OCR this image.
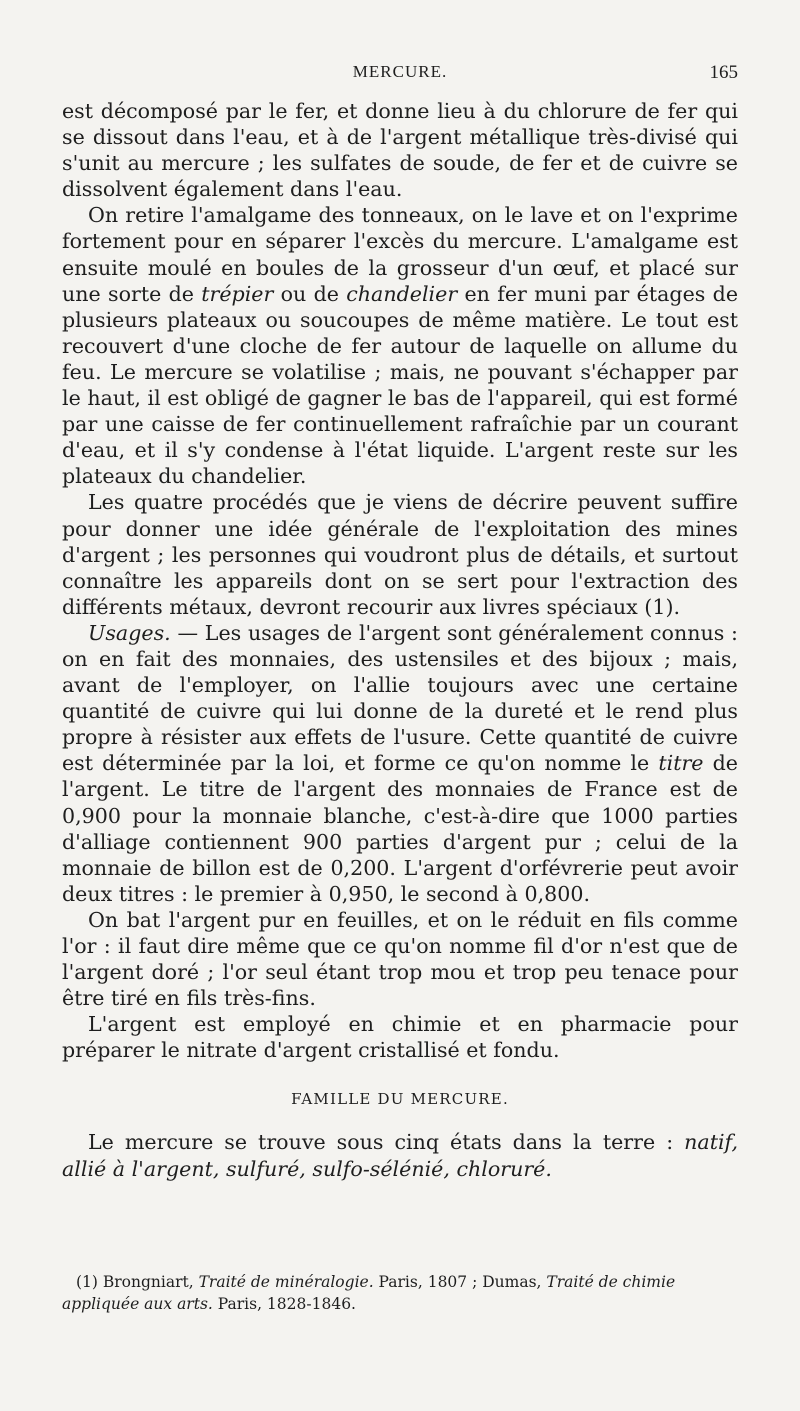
MERCURE.	165

est décomposé par le fer, et donne lieu à du chlorure de fer qui se dissout dans l'eau, et à de l'argent métallique très-divisé qui s'unit au mercure ; les sulfates de soude, de fer et de cuivre se dissolvent également dans l'eau.

On retire l'amalgame des tonneaux, on le lave et on l'exprime fortement pour en séparer l'excès du mercure. L'amalgame est ensuite moulé en boules de la grosseur d'un œuf, et placé sur une sorte de trépier ou de chandelier en fer muni par étages de plusieurs plateaux ou soucoupes de même matière. Le tout est recouvert d'une cloche de fer autour de laquelle on allume du feu. Le mercure se volatilise ; mais, ne pouvant s'échapper par le haut, il est obligé de gagner le bas de l'appareil, qui est formé par une caisse de fer continuellement rafraîchie par un courant d'eau, et il s'y condense à l'état liquide. L'argent reste sur les plateaux du chandelier.

Les quatre procédés que je viens de décrire peuvent suffire pour donner une idée générale de l'exploitation des mines d'argent ; les personnes qui voudront plus de détails, et surtout connaître les appareils dont on se sert pour l'extraction des différents métaux, devront recourir aux livres spéciaux (1).

Usages. — Les usages de l'argent sont généralement connus : on en fait des monnaies, des ustensiles et des bijoux ; mais, avant de l'employer, on l'allie toujours avec une certaine quantité de cuivre qui lui donne de la dureté et le rend plus propre à résister aux effets de l'usure. Cette quantité de cuivre est déterminée par la loi, et forme ce qu'on nomme le titre de l'argent. Le titre de l'argent des monnaies de France est de 0,900 pour la monnaie blanche, c'est-à-dire que 1000 parties d'alliage contiennent 900 parties d'argent pur ; celui de la monnaie de billon est de 0,200. L'argent d'orfévrerie peut avoir deux titres : le premier à 0,950, le second à 0,800.

On bat l'argent pur en feuilles, et on le réduit en fils comme l'or : il faut dire même que ce qu'on nomme fil d'or n'est que de l'argent doré ; l'or seul étant trop mou et trop peu tenace pour être tiré en fils très-fins.

L'argent est employé en chimie et en pharmacie pour préparer le nitrate d'argent cristallisé et fondu.

FAMILLE DU MERCURE.

Le mercure se trouve sous cinq états dans la terre : natif, allié à l'argent, sulfuré, sulfo-sélénié, chloruré.

(1) Brongniart, Traité de minéralogie. Paris, 1807 ; Dumas, Traité de chimie appliquée aux arts. Paris, 1828-1846.
